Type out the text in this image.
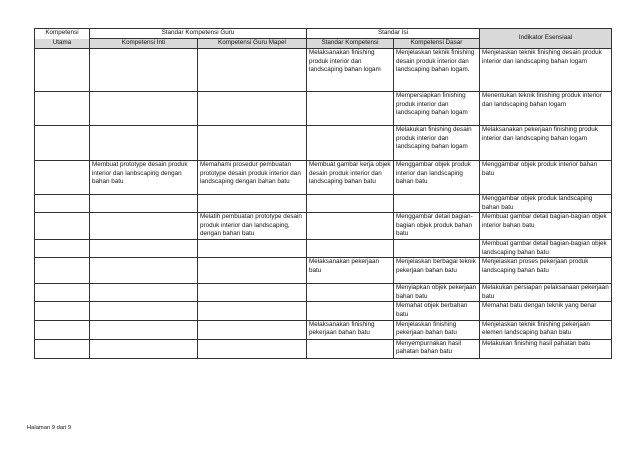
Kompetensi	Standar Kompetensi Guru		Standar Isi		Indikator Esensiaal
Utama	Kompetensi Inti	Kompetensi Guru Mapel	Standar Kompetensi	Kompetensi Dasar	
			Melaksanakan finishing produk interior dan landscaping bahan logam	Menjelaskan teknik finishing desain produk interior dan landscaping bahan logam.	Menjelaskan teknik finishing desain produk interior dan landscaping bahan logam
				Mempersiapkan finishing produk interior dan landscaping bahan logam	Menentukan teknik finishing produk interior dan landscaping bahan logam
				Melakukan finishing desain produk interior dan landscaping bahan logam	Melaksanakan pekerjaan finishing produk interior dan landscaping bahan logam
	Membuat prototype desain produk interior dan lanbscaping dengan bahan batu	Memahami prosedur pembuatan prototype desain produk interior dan landscaping dengan bahan batu	Membuat gambar kerja objek desain produk interior dan landscaping bahan batu	Menggambar objek produk interior dan landscaping bahan batu	Menggambar objek produk interior bahan batu
					Menggambar objek produk landscaping bahan batu
		Melatih pembuatan prototype desain produk interior dan landscaping, dengan bahan batu		Menggambar detail bagian-bagian objek produk bahan batu	Membuat gambar detail bagian-bagian objek interior bahan batu
					Membuat gambar detail bagian-bagian objek landscaping bahan batu
			Melaksanakan pekerjaan batu	Menjelaskan berbagai teknik pekerjaan bahan batu	Menjelaskan proses pekerjaan produk landscaping bahan batu
				Menyiapkan objek pekerjaan bahan batu	Melakukan persiapan pelaksanaan pekerjaan batu
				Memahat objek berbahan batu	Memahat batu dengan teknik yang benar
			Melaksanakan finishing pekerjaan bahan batu	Menjelaskan finishing pekerjaan bahan batu	Menjelaskan teknik finishing pekerjaan elemen landscaping bahan batu
				Menyempurnakan hasil pahatan bahan batu	Melakukan finishing hasil pahatan batu
Halaman 9 dari 9
